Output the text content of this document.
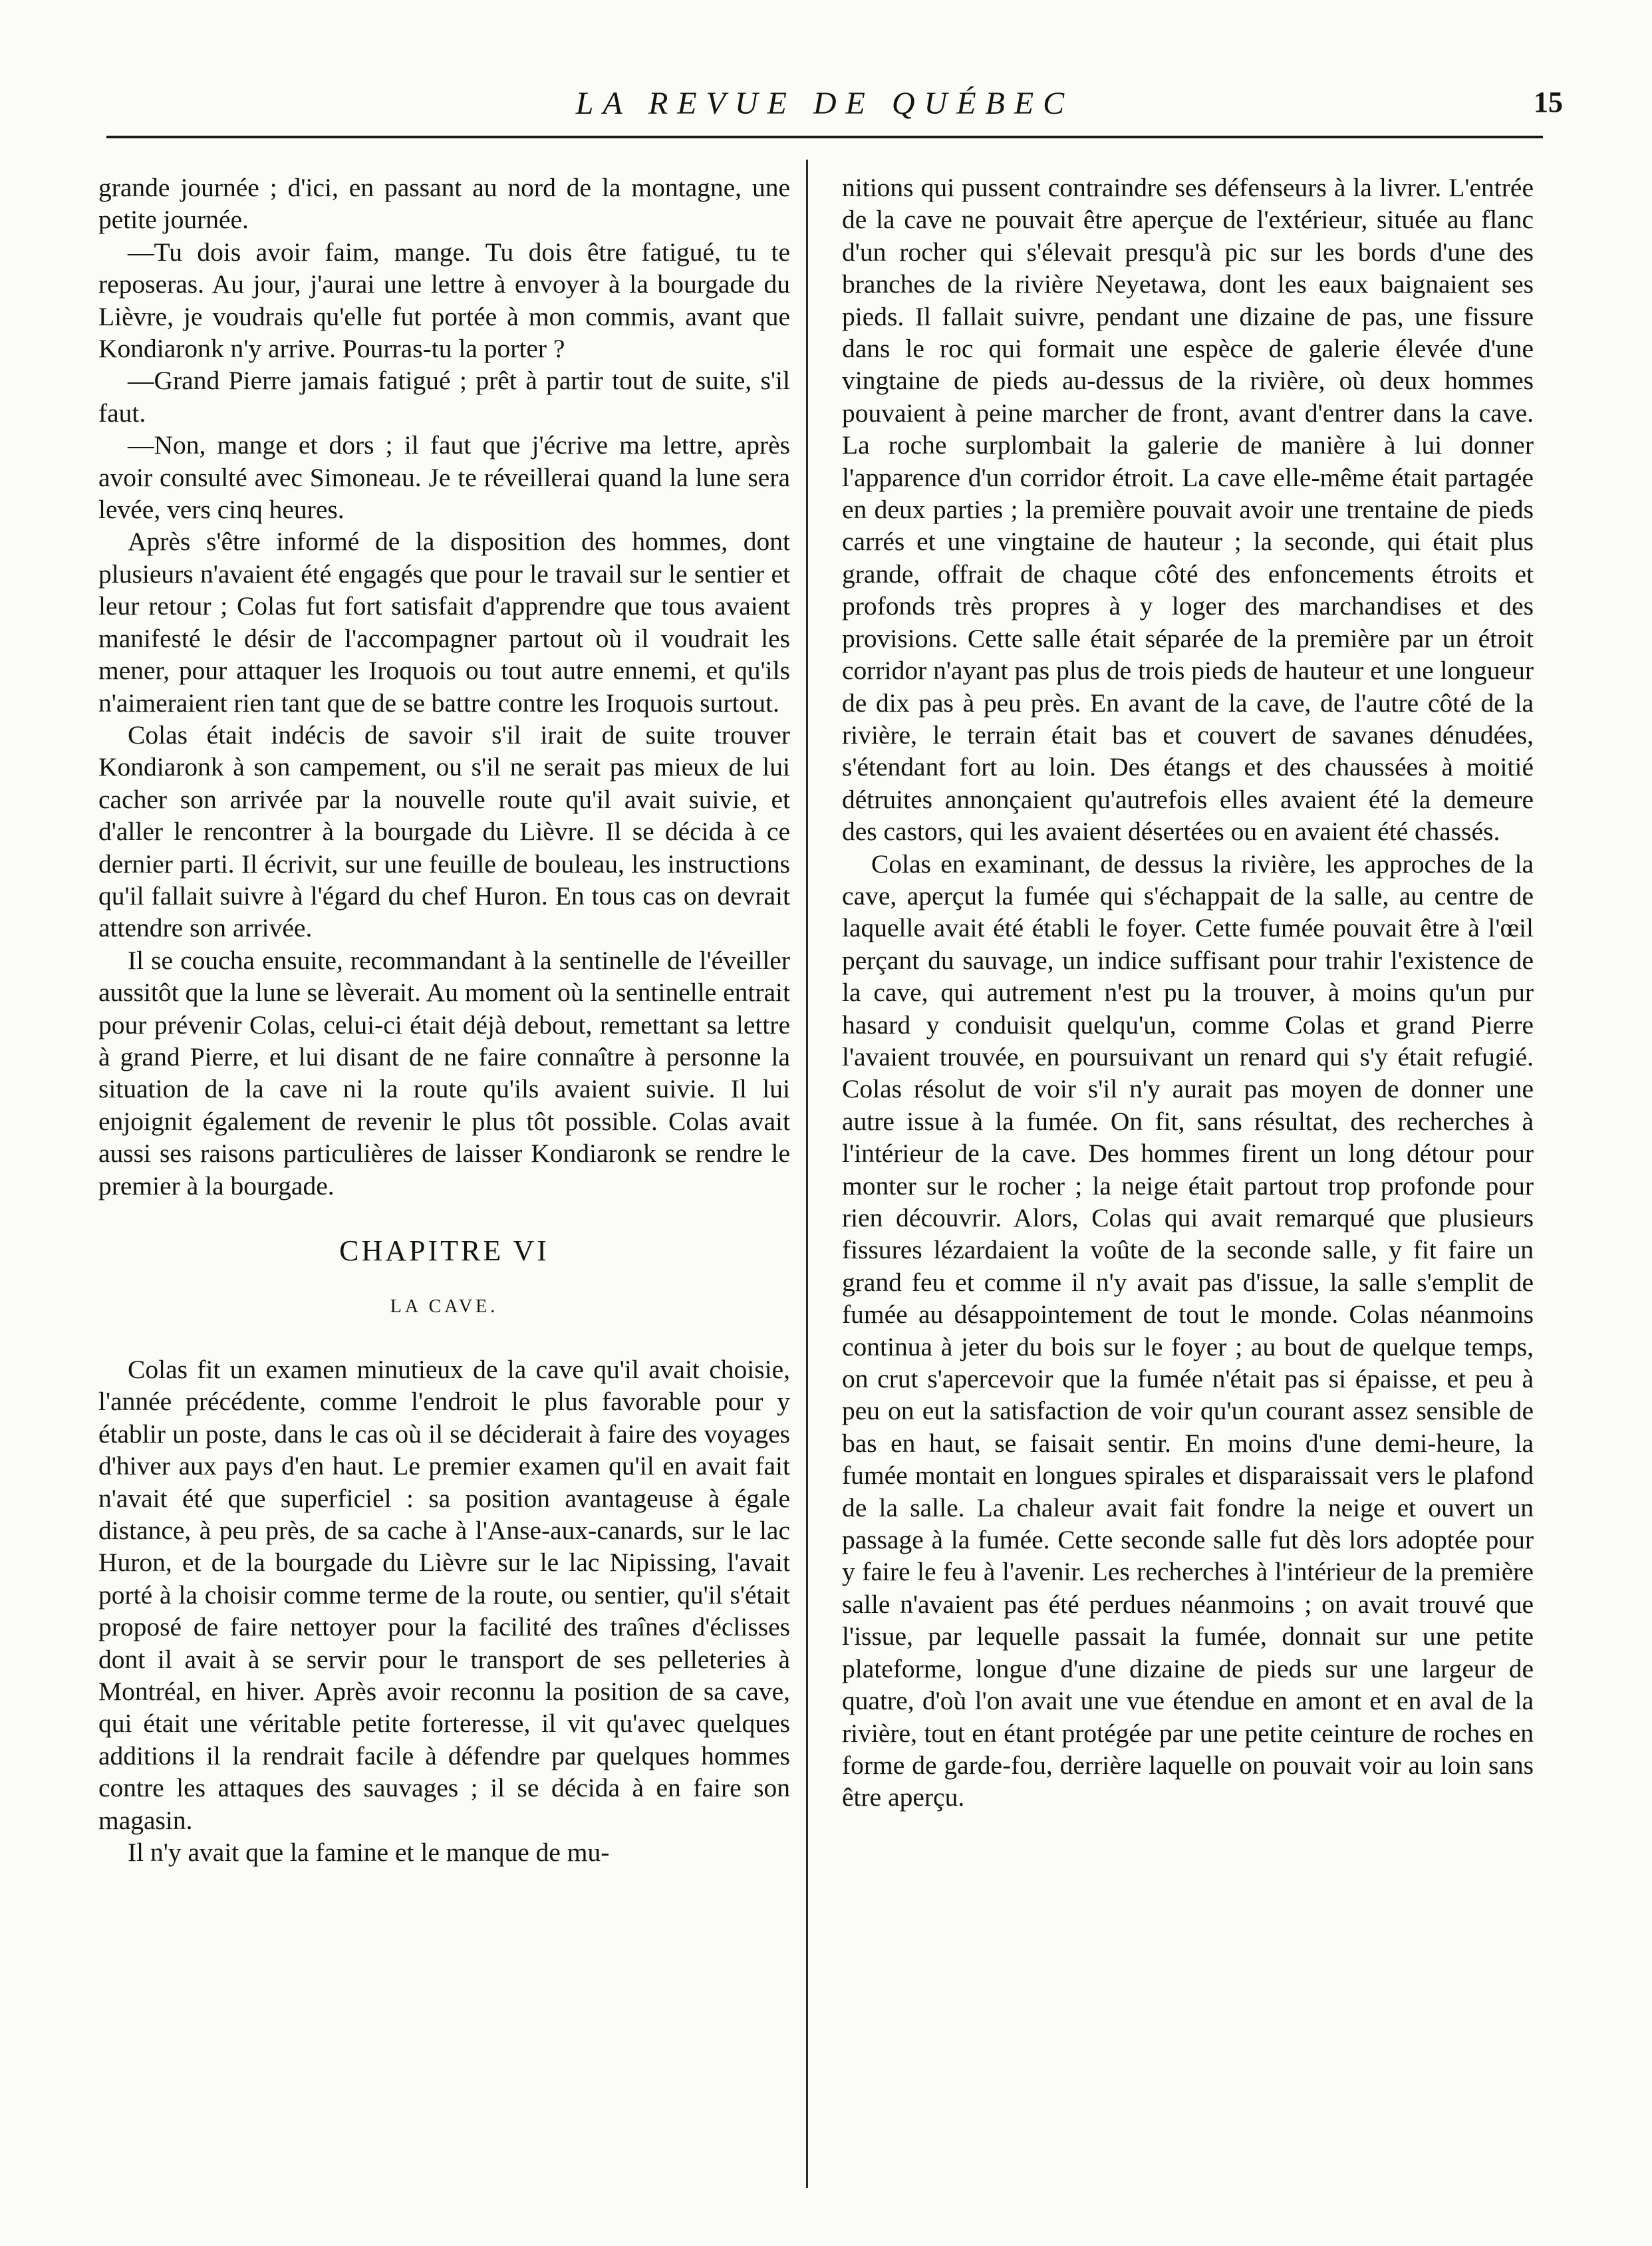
LA REVUE DE QUÉBEC	15

grande journée ; d'ici, en passant au nord de la montagne, une petite journée.

—Tu dois avoir faim, mange. Tu dois être fatigué, tu te reposeras. Au jour, j'aurai une lettre à envoyer à la bourgade du Lièvre, je voudrais qu'elle fut portée à mon commis, avant que Kondiaronk n'y arrive. Pourras-tu la porter ?

—Grand Pierre jamais fatigué ; prêt à partir tout de suite, s'il faut.

—Non, mange et dors ; il faut que j'écrive ma lettre, après avoir consulté avec Simoneau. Je te réveillerai quand la lune sera levée, vers cinq heures.

Après s'être informé de la disposition des hommes, dont plusieurs n'avaient été engagés que pour le travail sur le sentier et leur retour ; Colas fut fort satisfait d'apprendre que tous avaient manifesté le désir de l'accompagner partout où il voudrait les mener, pour attaquer les Iroquois ou tout autre ennemi, et qu'ils n'aimeraient rien tant que de se battre contre les Iroquois surtout.

Colas était indécis de savoir s'il irait de suite trouver Kondiaronk à son campement, ou s'il ne serait pas mieux de lui cacher son arrivée par la nouvelle route qu'il avait suivie, et d'aller le rencontrer à la bourgade du Lièvre. Il se décida à ce dernier parti. Il écrivit, sur une feuille de bouleau, les instructions qu'il fallait suivre à l'égard du chef Huron. En tous cas on devrait attendre son arrivée.

Il se coucha ensuite, recommandant à la sentinelle de l'éveiller aussitôt que la lune se lèverait. Au moment où la sentinelle entrait pour prévenir Colas, celui-ci était déjà debout, remettant sa lettre à grand Pierre, et lui disant de ne faire connaître à personne la situation de la cave ni la route qu'ils avaient suivie. Il lui enjoignit également de revenir le plus tôt possible. Colas avait aussi ses raisons particulières de laisser Kondiaronk se rendre le premier à la bourgade.

CHAPITRE VI
LA CAVE.

Colas fit un examen minutieux de la cave qu'il avait choisie, l'année précédente, comme l'endroit le plus favorable pour y établir un poste, dans le cas où il se déciderait à faire des voyages d'hiver aux pays d'en haut. Le premier examen qu'il en avait fait n'avait été que superficiel : sa position avantageuse à égale distance, à peu près, de sa cache à l'Anse-aux-canards, sur le lac Huron, et de la bourgade du Lièvre sur le lac Nipissing, l'avait porté à la choisir comme terme de la route, ou sentier, qu'il s'était proposé de faire nettoyer pour la facilité des traînes d'éclisses dont il avait à se servir pour le transport de ses pelleteries à Montréal, en hiver. Après avoir reconnu la position de sa cave, qui était une véritable petite forteresse, il vit qu'avec quelques additions il la rendrait facile à défendre par quelques hommes contre les attaques des sauvages ; il se décida à en faire son magasin.

Il n'y avait que la famine et le manque de mu-

nitions qui pussent contraindre ses défenseurs à la livrer. L'entrée de la cave ne pouvait être aperçue de l'extérieur, située au flanc d'un rocher qui s'élevait presqu'à pic sur les bords d'une des branches de la rivière Neyetawa, dont les eaux baignaient ses pieds. Il fallait suivre, pendant une dizaine de pas, une fissure dans le roc qui formait une espèce de galerie élevée d'une vingtaine de pieds au-dessus de la rivière, où deux hommes pouvaient à peine marcher de front, avant d'entrer dans la cave. La roche surplombait la galerie de manière à lui donner l'apparence d'un corridor étroit. La cave elle-même était partagée en deux parties ; la première pouvait avoir une trentaine de pieds carrés et une vingtaine de hauteur ; la seconde, qui était plus grande, offrait de chaque côté des enfoncements étroits et profonds très propres à y loger des marchandises et des provisions. Cette salle était séparée de la première par un étroit corridor n'ayant pas plus de trois pieds de hauteur et une longueur de dix pas à peu près. En avant de la cave, de l'autre côté de la rivière, le terrain était bas et couvert de savanes dénudées, s'étendant fort au loin. Des étangs et des chaussées à moitié détruites annonçaient qu'autrefois elles avaient été la demeure des castors, qui les avaient désertées ou en avaient été chassés.

Colas en examinant, de dessus la rivière, les approches de la cave, aperçut la fumée qui s'échappait de la salle, au centre de laquelle avait été établi le foyer. Cette fumée pouvait être à l'œil perçant du sauvage, un indice suffisant pour trahir l'existence de la cave, qui autrement n'est pu la trouver, à moins qu'un pur hasard y conduisit quelqu'un, comme Colas et grand Pierre l'avaient trouvée, en poursuivant un renard qui s'y était refugié. Colas résolut de voir s'il n'y aurait pas moyen de donner une autre issue à la fumée. On fit, sans résultat, des recherches à l'intérieur de la cave. Des hommes firent un long détour pour monter sur le rocher ; la neige était partout trop profonde pour rien découvrir. Alors, Colas qui avait remarqué que plusieurs fissures lézardaient la voûte de la seconde salle, y fit faire un grand feu et comme il n'y avait pas d'issue, la salle s'emplit de fumée au désappointement de tout le monde. Colas néanmoins continua à jeter du bois sur le foyer ; au bout de quelque temps, on crut s'apercevoir que la fumée n'était pas si épaisse, et peu à peu on eut la satisfaction de voir qu'un courant assez sensible de bas en haut, se faisait sentir. En moins d'une demi-heure, la fumée montait en longues spirales et disparaissait vers le plafond de la salle. La chaleur avait fait fondre la neige et ouvert un passage à la fumée. Cette seconde salle fut dès lors adoptée pour y faire le feu à l'avenir. Les recherches à l'intérieur de la première salle n'avaient pas été perdues néanmoins ; on avait trouvé que l'issue, par lequelle passait la fumée, donnait sur une petite plateforme, longue d'une dizaine de pieds sur une largeur de quatre, d'où l'on avait une vue étendue en amont et en aval de la rivière, tout en étant protégée par une petite ceinture de roches en forme de garde-fou, derrière laquelle on pouvait voir au loin sans être aperçu.
